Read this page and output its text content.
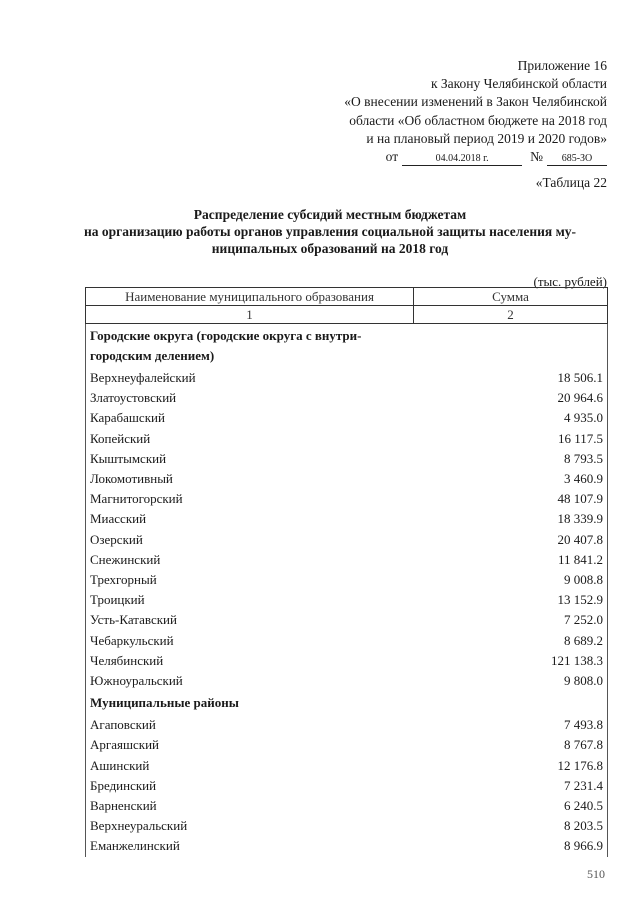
Приложение 16
к Закону Челябинской области
«О внесении изменений в Закон Челябинской
области «Об областном бюджете на 2018 год
и на плановый период 2019 и 2020 годов»
от	04.04.2018 г.	№	685-ЗО
«Таблица 22
Распределение субсидий местным бюджетам
на организацию работы органов управления социальной защиты населения му-
ниципальных образований на 2018 год
(тыс. рублей)
Наименование муниципального образования	Сумма
1	2
Городские округа (городские округа с внутри-городским делением)	
Верхнеуфалейский	18 506.1
Златоустовский	20 964.6
Карабашский	4 935.0
Копейский	16 117.5
Кыштымский	8 793.5
Локомотивный	3 460.9
Магнитогорский	48 107.9
Миасский	18 339.9
Озерский	20 407.8
Снежинский	11 841.2
Трехгорный	9 008.8
Троицкий	13 152.9
Усть-Катавский	7 252.0
Чебаркульский	8 689.2
Челябинский	121 138.3
Южноуральский	9 808.0
Муниципальные районы	
Агаповский	7 493.8
Аргаяшский	8 767.8
Ашинский	12 176.8
Брединский	7 231.4
Варненский	6 240.5
Верхнеуральский	8 203.5
Еманжелинский	8 966.9
510
